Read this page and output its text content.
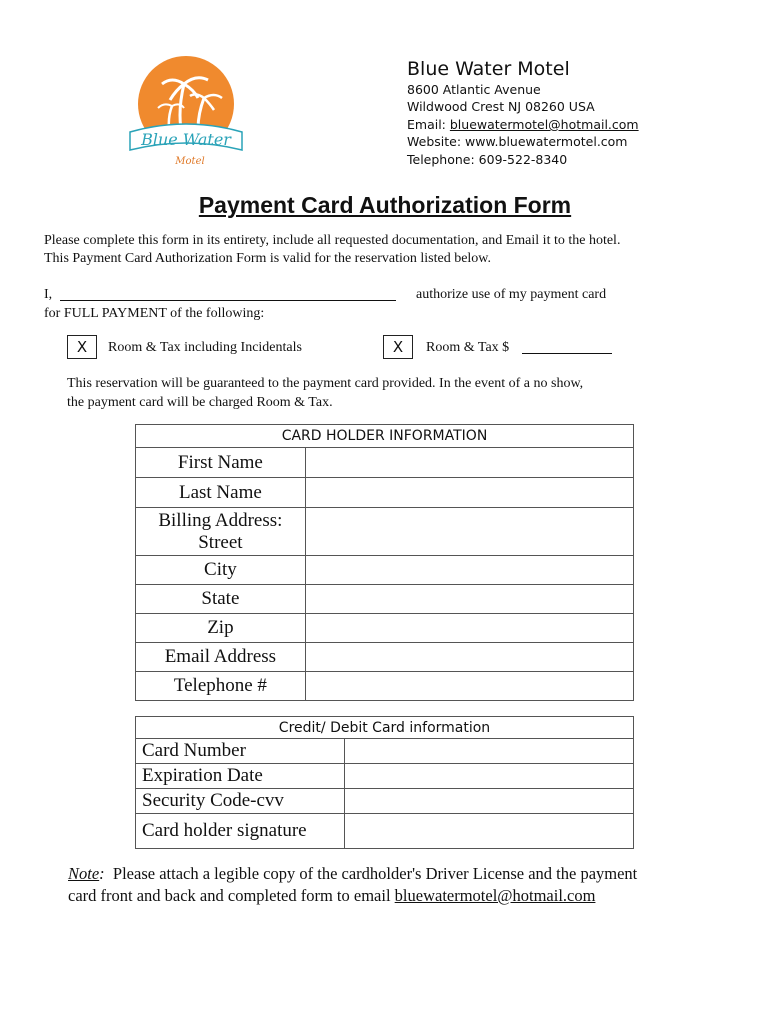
Blue Water
Motel
Blue Water Motel
8600 Atlantic Avenue
Wildwood Crest NJ 08260 USA
Email: bluewatermotel@hotmail.com
Website: www.bluewatermotel.com
Telephone: 609-522-8340
Payment Card Authorization Form
Please complete this form in its entirety, include all requested documentation, and Email it to the hotel.
This Payment Card Authorization Form is valid for the reservation listed below.
I,	authorize use of my payment card
for FULL PAYMENT of the following:
X	Room & Tax including Incidentals	X	Room & Tax $
This reservation will be guaranteed to the payment card provided. In the event of a no show,
the payment card will be charged Room & Tax.
CARD HOLDER INFORMATION	
First Name	
Last Name	

Billing Address:
Street	

City	
State	
Zip	
Email Address	
Telephone #	
Credit/ Debit Card information	
Card Number	
Expiration Date	
Security Code-cvv	
Card holder signature	
Note:  Please attach a legible copy of the cardholder's Driver License and the payment
card front and back and completed form to email bluewatermotel@hotmail.com
